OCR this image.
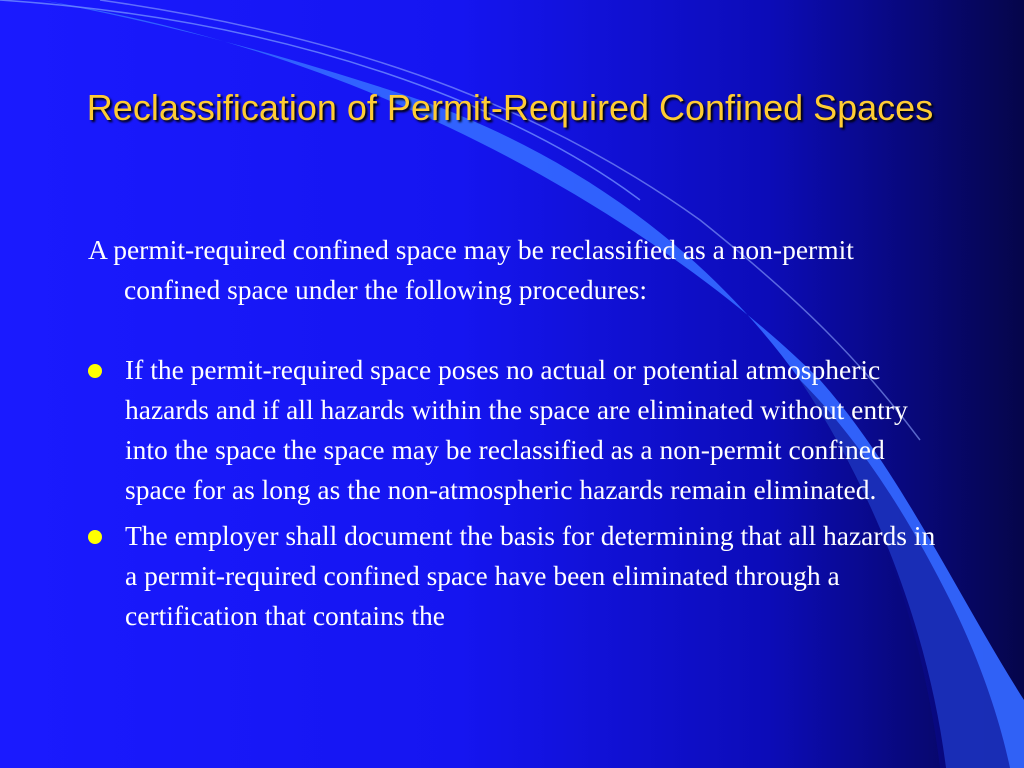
Reclassification of Permit-Required Confined Spaces

A permit-required confined space may be reclassified as a non-permit confined space under the following procedures:

If the permit-required space poses no actual or potential atmospheric hazards and if all hazards within the space are eliminated without entry into the space the space may be reclassified as a non-permit confined space for as long as the non-atmospheric hazards remain eliminated.
The employer shall document the basis for determining that all hazards in a permit-required confined space have been eliminated through a certification that contains the
